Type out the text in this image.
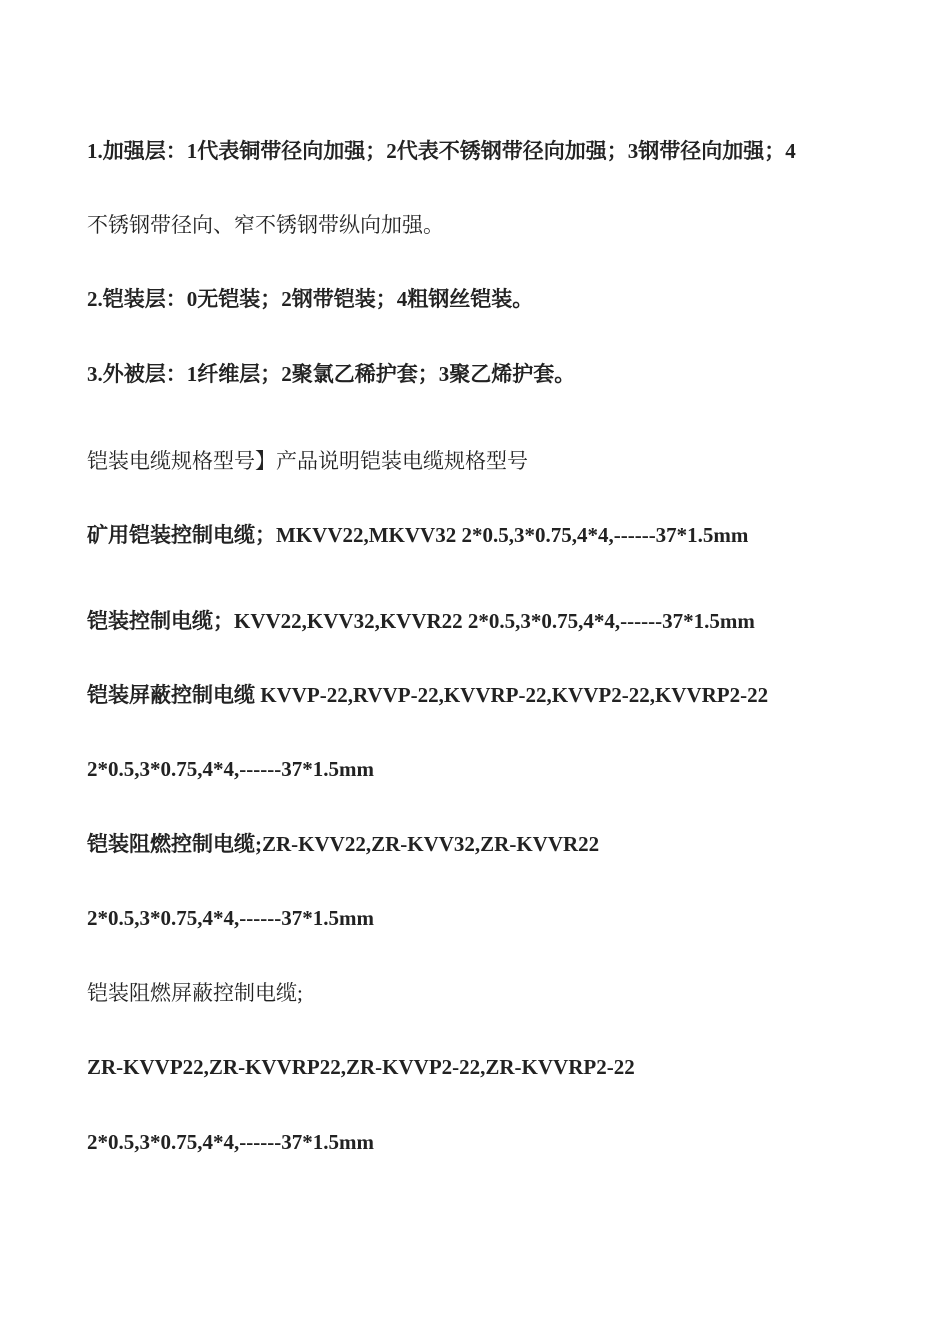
1.加强层：1代表铜带径向加强；2代表不锈钢带径向加强；3钢带径向加强；4
不锈钢带径向、窄不锈钢带纵向加强。
2.铠装层：0无铠装；2钢带铠装；4粗钢丝铠装。
3.外被层：1纤维层；2聚氯乙稀护套；3聚乙烯护套。
铠装电缆规格型号】产品说明铠装电缆规格型号
矿用铠装控制电缆；MKVV22,MKVV32 2*0.5,3*0.75,4*4,------37*1.5mm
铠装控制电缆；KVV22,KVV32,KVVR22 2*0.5,3*0.75,4*4,------37*1.5mm
铠装屏蔽控制电缆 KVVP-22,RVVP-22,KVVRP-22,KVVP2-22,KVVRP2-22
2*0.5,3*0.75,4*4,------37*1.5mm
铠装阻燃控制电缆;ZR-KVV22,ZR-KVV32,ZR-KVVR22
2*0.5,3*0.75,4*4,------37*1.5mm
铠装阻燃屏蔽控制电缆;
ZR-KVVP22,ZR-KVVRP22,ZR-KVVP2-22,ZR-KVVRP2-22
2*0.5,3*0.75,4*4,------37*1.5mm
